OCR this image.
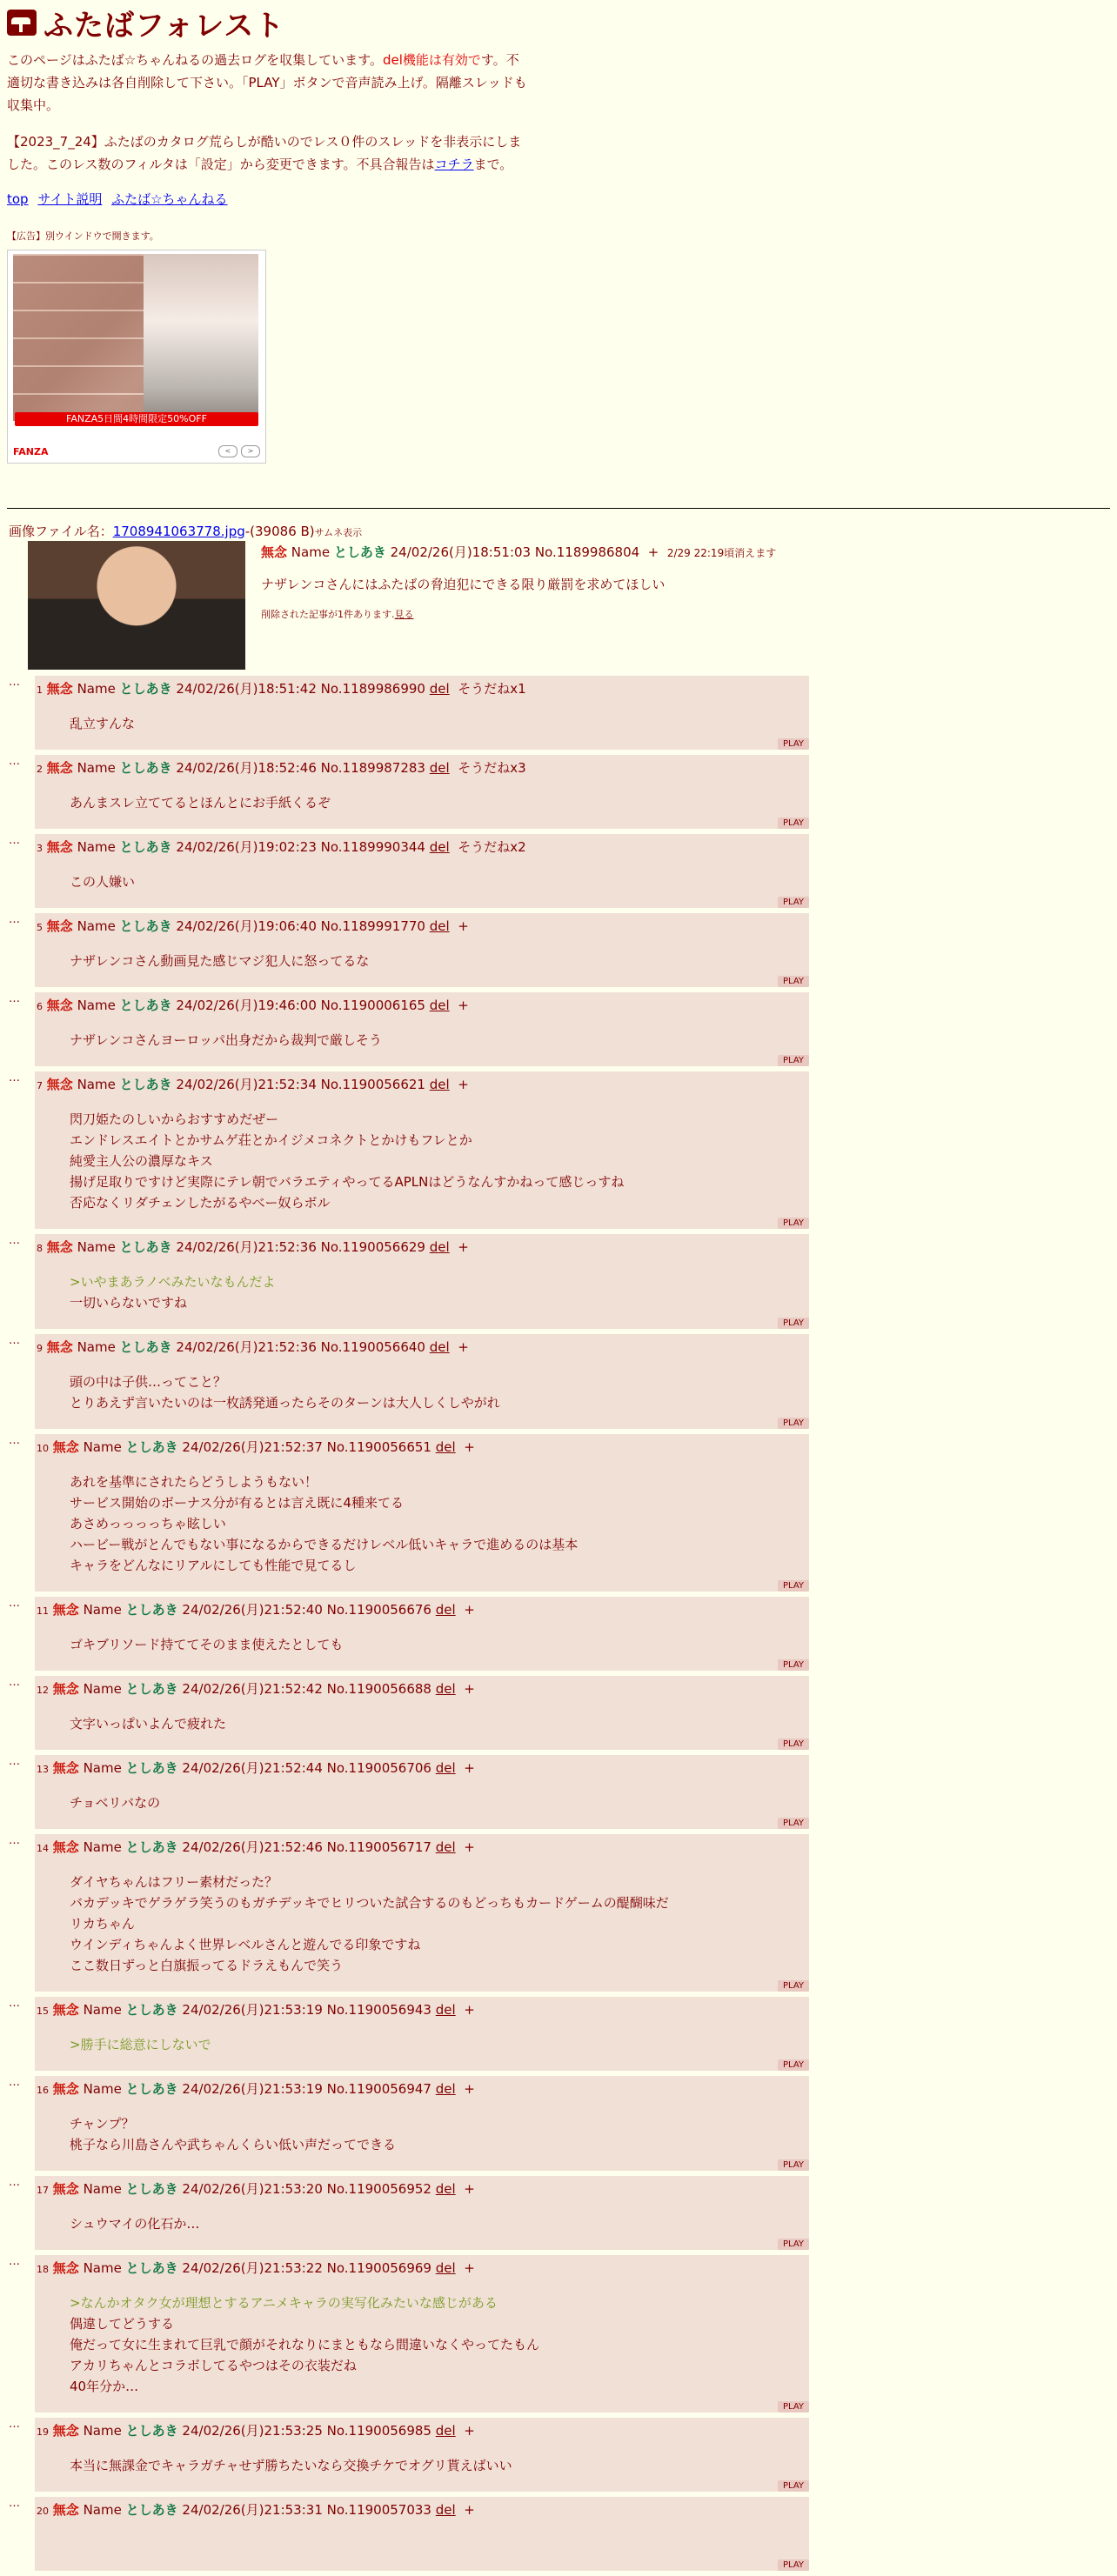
ふたばフォレスト
このページはふたば☆ちゃんねるの過去ログを収集しています。del機能は有効です。不適切な書き込みは各自削除して下さい。「PLAY」ボタンで音声読み上げ。隔離スレッドも収集中。
【2023_7_24】ふたばのカタログ荒らしが酷いのでレス０件のスレッドを非表示にしました。このレス数のフィルタは「設定」から変更できます。不具合報告はコチラまで。
top サイト説明 ふたば☆ちゃんねる
【広告】別ウインドウで開きます。
FANZA5日間4時間限定50%OFF
FANZA	<	>
画像ファイル名：1708941063778.jpg-(39086 B)サムネ表示
無念 Name としあき 24/02/26(月)18:51:03 No.1189986804 + 2/29 22:19頃消えます
ナザレンコさんにはふたばの脅迫犯にできる限り厳罰を求めてほしい
削除された記事が1件あります.見る
…
1 無念 Name としあき 24/02/26(月)18:51:42 No.1189986990 del そうだねx1
乱立すんな
PLAY
…
2 無念 Name としあき 24/02/26(月)18:52:46 No.1189987283 del そうだねx3
あんまスレ立ててるとほんとにお手紙くるぞ
PLAY
…
3 無念 Name としあき 24/02/26(月)19:02:23 No.1189990344 del そうだねx2
この人嫌い
PLAY
…
5 無念 Name としあき 24/02/26(月)19:06:40 No.1189991770 del +
ナザレンコさん動画見た感じマジ犯人に怒ってるな
PLAY
…
6 無念 Name としあき 24/02/26(月)19:46:00 No.1190006165 del +
ナザレンコさんヨーロッパ出身だから裁判で厳しそう
PLAY
…
7 無念 Name としあき 24/02/26(月)21:52:34 No.1190056621 del +
閃刀姫たのしいからおすすめだぜー
エンドレスエイトとかサムゲ荘とかイジメコネクトとかけもフレとか
純愛主人公の濃厚なキス
揚げ足取りですけど実際にテレ朝でバラエティやってるAPLNはどうなんすかねって感じっすね
否応なくリダチェンしたがるやべー奴らボル
PLAY
…
8 無念 Name としあき 24/02/26(月)21:52:36 No.1190056629 del +
>いやまあラノベみたいなもんだよ
一切いらないですね
PLAY
…
9 無念 Name としあき 24/02/26(月)21:52:36 No.1190056640 del +
頭の中は子供…ってこと？
とりあえず言いたいのは一枚誘発通ったらそのターンは大人しくしやがれ
PLAY
…
10 無念 Name としあき 24/02/26(月)21:52:37 No.1190056651 del +
あれを基準にされたらどうしようもない！
サービス開始のボーナス分が有るとは言え既に4種来てる
あさめっっっっちゃ眩しい
ハービー戦がとんでもない事になるからできるだけレベル低いキャラで進めるのは基本
キャラをどんなにリアルにしても性能で見てるし
PLAY
…
11 無念 Name としあき 24/02/26(月)21:52:40 No.1190056676 del +
ゴキブリソード持ててそのまま使えたとしても
PLAY
…
12 無念 Name としあき 24/02/26(月)21:52:42 No.1190056688 del +
文字いっぱいよんで疲れた
PLAY
…
13 無念 Name としあき 24/02/26(月)21:52:44 No.1190056706 del +
チョベリバなの
PLAY
…
14 無念 Name としあき 24/02/26(月)21:52:46 No.1190056717 del +
ダイヤちゃんはフリー素材だった？
バカデッキでゲラゲラ笑うのもガチデッキでヒリついた試合するのもどっちもカードゲームの醍醐味だ
リカちゃん
ウインディちゃんよく世界レベルさんと遊んでる印象ですね
ここ数日ずっと白旗振ってるドラえもんで笑う
PLAY
…
15 無念 Name としあき 24/02/26(月)21:53:19 No.1190056943 del +
>勝手に総意にしないで
PLAY
…
16 無念 Name としあき 24/02/26(月)21:53:19 No.1190056947 del +
チャンプ？
桃子なら川島さんや武ちゃんくらい低い声だってできる
PLAY
…
17 無念 Name としあき 24/02/26(月)21:53:20 No.1190056952 del +
シュウマイの化石か…
PLAY
…
18 無念 Name としあき 24/02/26(月)21:53:22 No.1190056969 del +
>なんかオタク女が理想とするアニメキャラの実写化みたいな感じがある
偶違してどうする
俺だって女に生まれて巨乳で顔がそれなりにまともなら間違いなくやってたもん
アカリちゃんとコラボしてるやつはその衣装だね
40年分か…
PLAY
…
19 無念 Name としあき 24/02/26(月)21:53:25 No.1190056985 del +
本当に無課金でキャラガチャせず勝ちたいなら交換チケでオグリ貰えばいい
PLAY
…
20 無念 Name としあき 24/02/26(月)21:53:31 No.1190057033 del +
PLAY
